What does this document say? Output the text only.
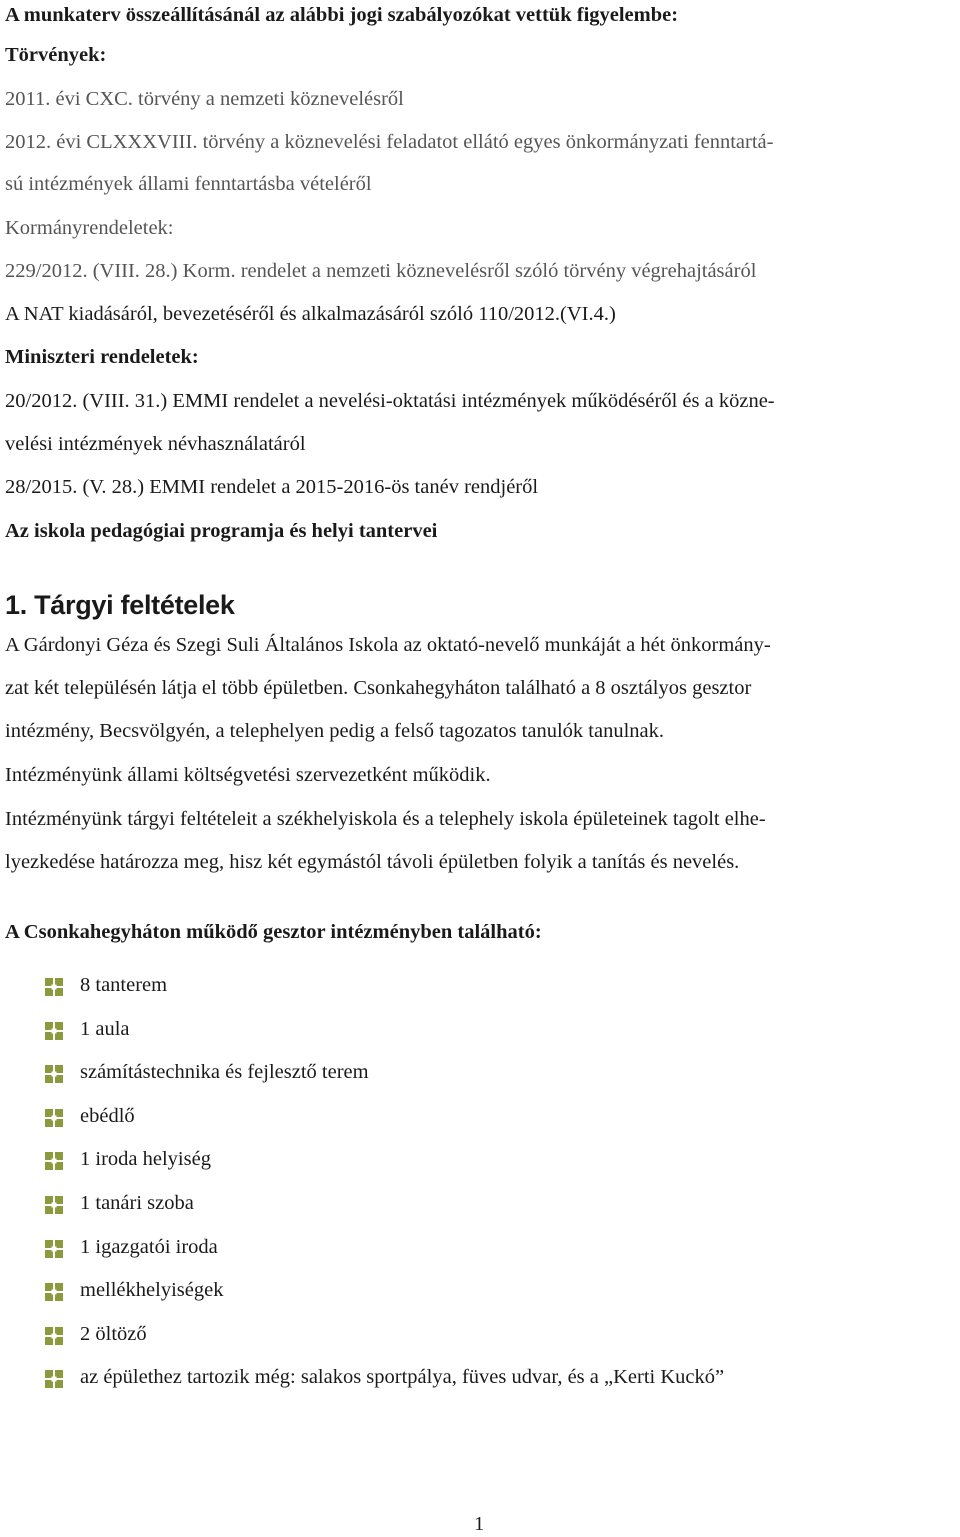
A munkaterv összeállításánál az alábbi jogi szabályozókat vettük figyelembe:
Törvények:
2011. évi CXC. törvény a nemzeti köznevelésről
2012. évi CLXXXVIII. törvény a köznevelési feladatot ellátó egyes önkormányzati fenntartá-
sú intézmények állami fenntartásba vételéről
Kormányrendeletek:
229/2012. (VIII. 28.) Korm. rendelet a nemzeti köznevelésről szóló törvény végrehajtásáról
A NAT kiadásáról, bevezetéséről és alkalmazásáról szóló 110/2012.(VI.4.)
Miniszteri rendeletek:
20/2012. (VIII. 31.) EMMI rendelet a nevelési-oktatási intézmények működéséről és a közne-
velési intézmények névhasználatáról
28/2015. (V. 28.) EMMI rendelet a 2015-2016-ös tanév rendjéről
Az iskola pedagógiai programja és helyi tantervei
1. Tárgyi feltételek
A Gárdonyi Géza és Szegi Suli Általános Iskola az oktató-nevelő munkáját a hét önkormány-
zat két településén látja el több épületben. Csonkahegyháton található a 8 osztályos gesztor
intézmény, Becsvölgyén, a telephelyen pedig a felső tagozatos tanulók tanulnak.
Intézményünk állami költségvetési szervezetként működik.
Intézményünk tárgyi feltételeit a székhelyiskola és a telephely iskola épületeinek tagolt elhe-
lyezkedése határozza meg, hisz két egymástól távoli épületben folyik a tanítás és nevelés.
A Csonkahegyháton működő gesztor intézményben található:
8 tanterem
1 aula
számítástechnika és fejlesztő terem
ebédlő
1 iroda helyiség
1 tanári szoba
1 igazgatói iroda
mellékhelyiségek
2 öltöző
az épülethez tartozik még: salakos sportpálya, füves udvar, és a „Kerti Kuckó”
1
